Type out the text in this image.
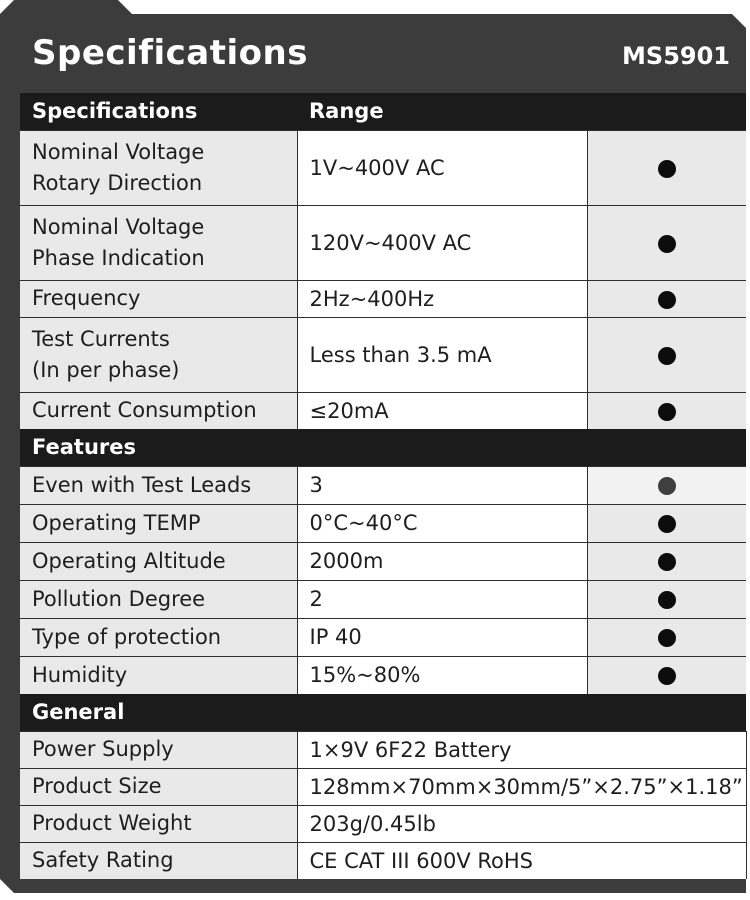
Specifications	MS5901
Specifications	Range	

Nominal Voltage
Rotary Direction	1V~400V AC	

Nominal Voltage
Phase Indication	120V~400V AC	
Frequency	2Hz~400Hz	

Test Currents
(In per phase)	Less than 3.5 mA	
Current Consumption	≤20mA	
Features		
Even with Test Leads	3	
Operating TEMP	0°C~40°C	
Operating Altitude	2000m	
Pollution Degree	2	
Type of protection	IP 40	
Humidity	15%~80%	
General		
Power Supply	1×9V 6F22 Battery	
Product Size	128mm×70mm×30mm/5”×2.75”×1.18”	
Product Weight	203g/0.45lb	
Safety Rating	CE CAT III 600V RoHS	
